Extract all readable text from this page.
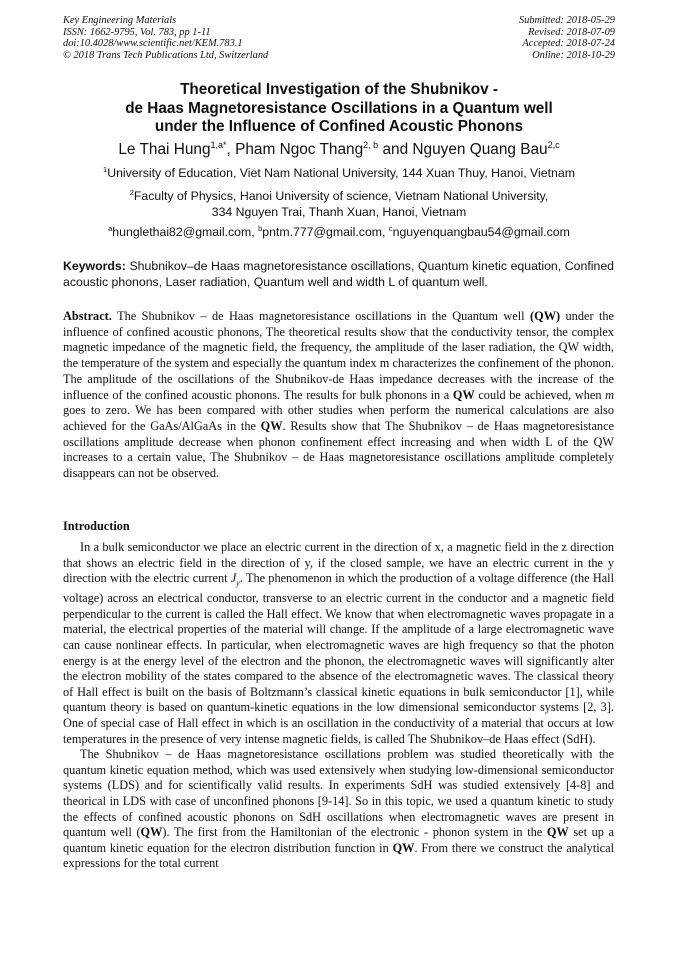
Key Engineering Materials
ISSN: 1662-9795, Vol. 783, pp 1-11
doi:10.4028/www.scientific.net/KEM.783.1
© 2018 Trans Tech Publications Ltd, Switzerland
Submitted: 2018-05-29
Revised: 2018-07-09
Accepted: 2018-07-24
Online: 2018-10-29
Theoretical Investigation of the Shubnikov -
de Haas Magnetoresistance Oscillations in a Quantum well
under the Influence of Confined Acoustic Phonons
Le Thai Hung$^{1,a*}$, Pham Ngoc Thang$^{2, b}$ and Nguyen Quang Bau$^{2,c}$
$^1$University of Education, Viet Nam National University, 144 Xuan Thuy, Hanoi, Vietnam
$^2$Faculty of Physics, Hanoi University of science, Vietnam National University,
334 Nguyen Trai, Thanh Xuan, Hanoi, Vietnam
$^a$hunglethai82@gmail.com, $^b$pntm.777@gmail.com, $^c$nguyenquangbau54@gmail.com
Keywords: Shubnikov–de Haas magnetoresistance oscillations, Quantum kinetic equation, Confined acoustic phonons, Laser radiation, Quantum well and width L of quantum well.
Abstract. The Shubnikov – de Haas magnetoresistance oscillations in the Quantum well (QW) under the influence of confined acoustic phonons, The theoretical results show that the conductivity tensor, the complex magnetic impedance of the magnetic field, the frequency, the amplitude of the laser radiation, the QW width, the temperature of the system and especially the quantum index m characterizes the confinement of the phonon. The amplitude of the oscillations of the Shubnikov-de Haas impedance decreases with the increase of the influence of the confined acoustic phonons. The results for bulk phonons in a QW could be achieved, when m goes to zero. We has been compared with other studies when perform the numerical calculations are also achieved for the GaAs/AlGaAs in the QW. Results show that The Shubnikov – de Haas magnetoresistance oscillations amplitude decrease when phonon confinement effect increasing and when width L of the QW increases to a certain value, The Shubnikov – de Haas magnetoresistance oscillations amplitude completely disappears can not be observed.
Introduction

In a bulk semiconductor we place an electric current in the direction of x, a magnetic field in the z direction that shows an electric field in the direction of y, if the closed sample, we have an electric current in the y direction with the electric current $J_y$. The phenomenon in which the production of a voltage difference (the Hall voltage) across an electrical conductor, transverse to an electric current in the conductor and a magnetic field perpendicular to the current is called the Hall effect. We know that when electromagnetic waves propagate in a material, the electrical properties of the material will change. If the amplitude of a large electromagnetic wave can cause nonlinear effects. In particular, when electromagnetic waves are high frequency so that the photon energy is at the energy level of the electron and the phonon, the electromagnetic waves will significantly alter the electron mobility of the states compared to the absence of the electromagnetic waves. The classical theory of Hall effect is built on the basis of Boltzmann’s classical kinetic equations in bulk semiconductor [1], while quantum theory is based on quantum-kinetic equations in the low dimensional semiconductor systems [2, 3]. One of special case of Hall effect in which is an oscillation in the conductivity of a material that occurs at low temperatures in the presence of very intense magnetic fields, is called The Shubnikov–de Haas effect (SdH).

The Shubnikov – de Haas magnetoresistance oscillations problem was studied theoretically with the quantum kinetic equation method, which was used extensively when studying low-dimensional semiconductor systems (LDS) and for scientifically valid results. In experiments SdH was studied extensively [4-8] and theorical in LDS with case of unconfined phonons [9-14]. So in this topic, we used a quantum kinetic to study the effects of confined acoustic phonons on SdH oscillations when electromagnetic waves are present in quantum well (QW). The first from the Hamiltonian of the electronic - phonon system in the QW set up a quantum kinetic equation for the electron distribution function in QW. From there we construct the analytical expressions for the total current
